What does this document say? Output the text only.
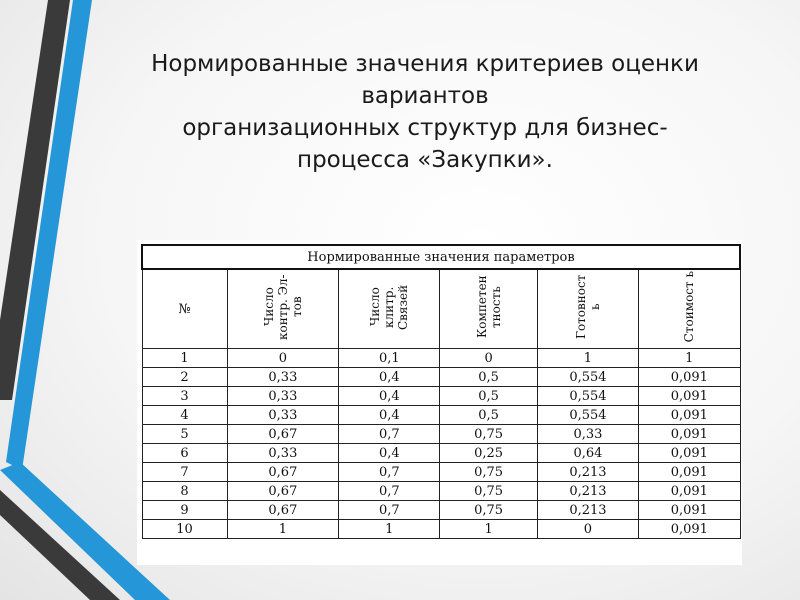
Нормированные значения критериев оценки
вариантов
организационных структур для бизнес-
процесса «Закупки».
Нормированные значения параметров					
№	Число контр. Эл-тов	Число клитр. Связей	Компетен тность	Готовност ь	Стоимост ь
1	0	0,1	0	1	1
2	0,33	0,4	0,5	0,554	0,091
3	0,33	0,4	0,5	0,554	0,091
4	0,33	0,4	0,5	0,554	0,091
5	0,67	0,7	0,75	0,33	0,091
6	0,33	0,4	0,25	0,64	0,091
7	0,67	0,7	0,75	0,213	0,091
8	0,67	0,7	0,75	0,213	0,091
9	0,67	0,7	0,75	0,213	0,091
10	1	1	1	0	0,091
